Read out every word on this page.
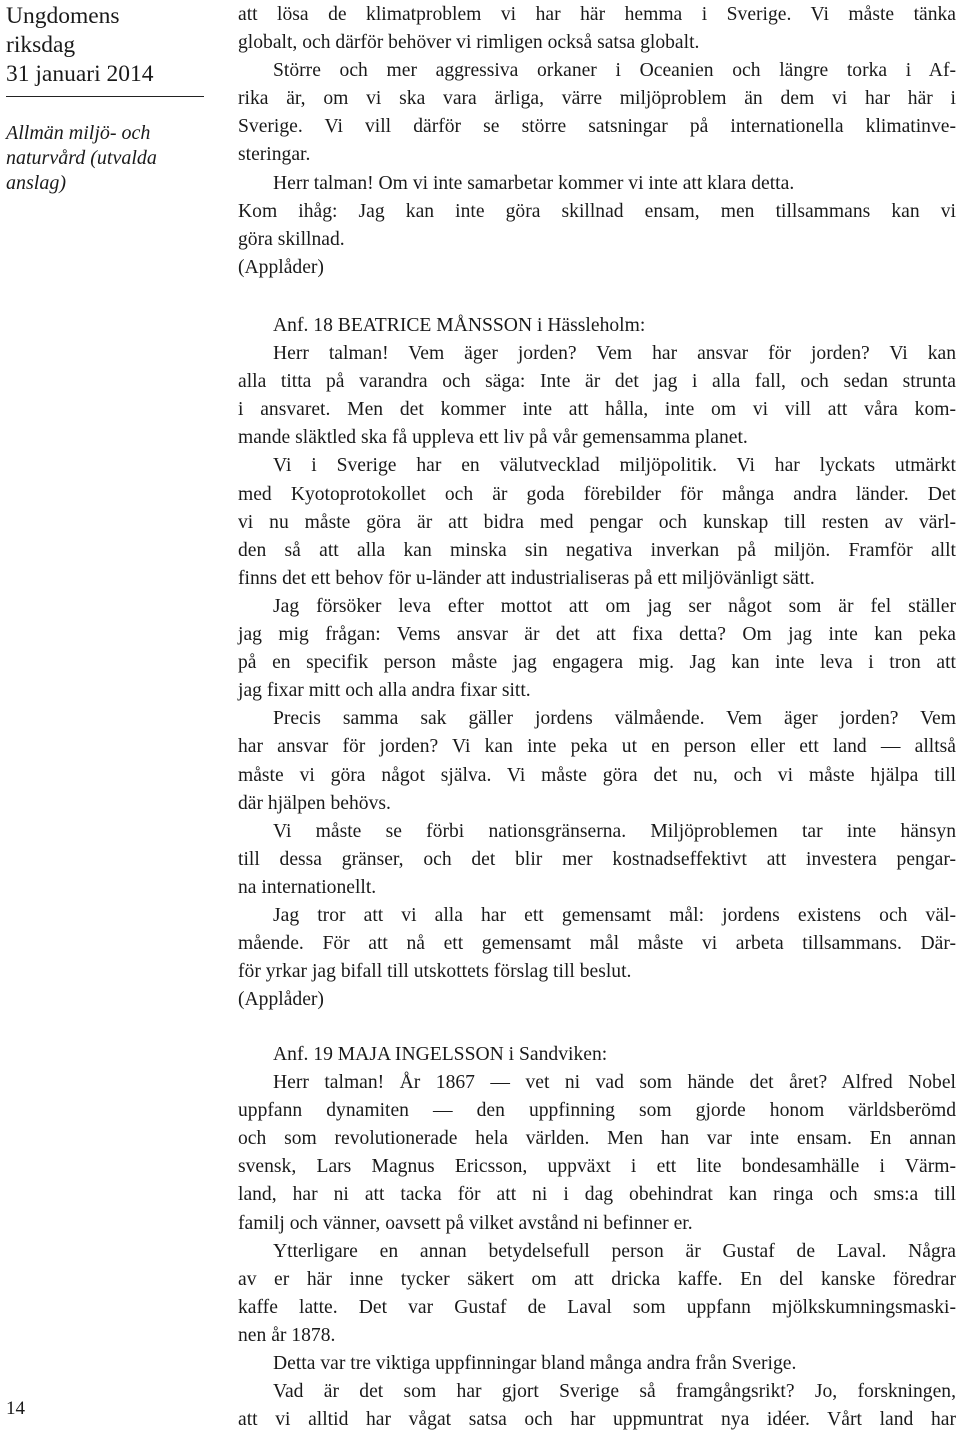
Ungdomens
riksdag
31 januari 2014
Allmän miljö- och
naturvård (utvalda
anslag)
14
att lösa de klimatproblem vi har här hemma i Sverige. Vi måste tänka
globalt, och därför behöver vi rimligen också satsa globalt.
Större och mer aggressiva orkaner i Oceanien och längre torka i Af-
rika är, om vi ska vara ärliga, värre miljöproblem än dem vi har här i
Sverige. Vi vill därför se större satsningar på internationella klimatinve-
steringar.
Herr talman! Om vi inte samarbetar kommer vi inte att klara detta.
Kom ihåg: Jag kan inte göra skillnad ensam, men tillsammans kan vi
göra skillnad.
(Applåder)
Anf. 18 BEATRICE MÅNSSON i Hässleholm:
Herr talman! Vem äger jorden? Vem har ansvar för jorden? Vi kan
alla titta på varandra och säga: Inte är det jag i alla fall, och sedan strunta
i ansvaret. Men det kommer inte att hålla, inte om vi vill att våra kom-
mande släktled ska få uppleva ett liv på vår gemensamma planet.
Vi i Sverige har en välutvecklad miljöpolitik. Vi har lyckats utmärkt
med Kyotoprotokollet och är goda förebilder för många andra länder. Det
vi nu måste göra är att bidra med pengar och kunskap till resten av värl-
den så att alla kan minska sin negativa inverkan på miljön. Framför allt
finns det ett behov för u-länder att industrialiseras på ett miljövänligt sätt.
Jag försöker leva efter mottot att om jag ser något som är fel ställer
jag mig frågan: Vems ansvar är det att fixa detta? Om jag inte kan peka
på en specifik person måste jag engagera mig. Jag kan inte leva i tron att
jag fixar mitt och alla andra fixar sitt.
Precis samma sak gäller jordens välmående. Vem äger jorden? Vem
har ansvar för jorden? Vi kan inte peka ut en person eller ett land — alltså
måste vi göra något själva. Vi måste göra det nu, och vi måste hjälpa till
där hjälpen behövs.
Vi måste se förbi nationsgränserna. Miljöproblemen tar inte hänsyn
till dessa gränser, och det blir mer kostnadseffektivt att investera pengar-
na internationellt.
Jag tror att vi alla har ett gemensamt mål: jordens existens och väl-
mående. För att nå ett gemensamt mål måste vi arbeta tillsammans. Där-
för yrkar jag bifall till utskottets förslag till beslut.
(Applåder)
Anf. 19 MAJA INGELSSON i Sandviken:
Herr talman! År 1867 — vet ni vad som hände det året? Alfred Nobel
uppfann dynamiten — den uppfinning som gjorde honom världsberömd
och som revolutionerade hela världen. Men han var inte ensam. En annan
svensk, Lars Magnus Ericsson, uppväxt i ett lite bondesamhälle i Värm-
land, har ni att tacka för att ni i dag obehindrat kan ringa och sms:a till
familj och vänner, oavsett på vilket avstånd ni befinner er.
Ytterligare en annan betydelsefull person är Gustaf de Laval. Några
av er här inne tycker säkert om att dricka kaffe. En del kanske föredrar
kaffe latte. Det var Gustaf de Laval som uppfann mjölkskumningsmaski-
nen år 1878.
Detta var tre viktiga uppfinningar bland många andra från Sverige.
Vad är det som har gjort Sverige så framgångsrikt? Jo, forskningen,
att vi alltid har vågat satsa och har uppmuntrat nya idéer. Vårt land har
